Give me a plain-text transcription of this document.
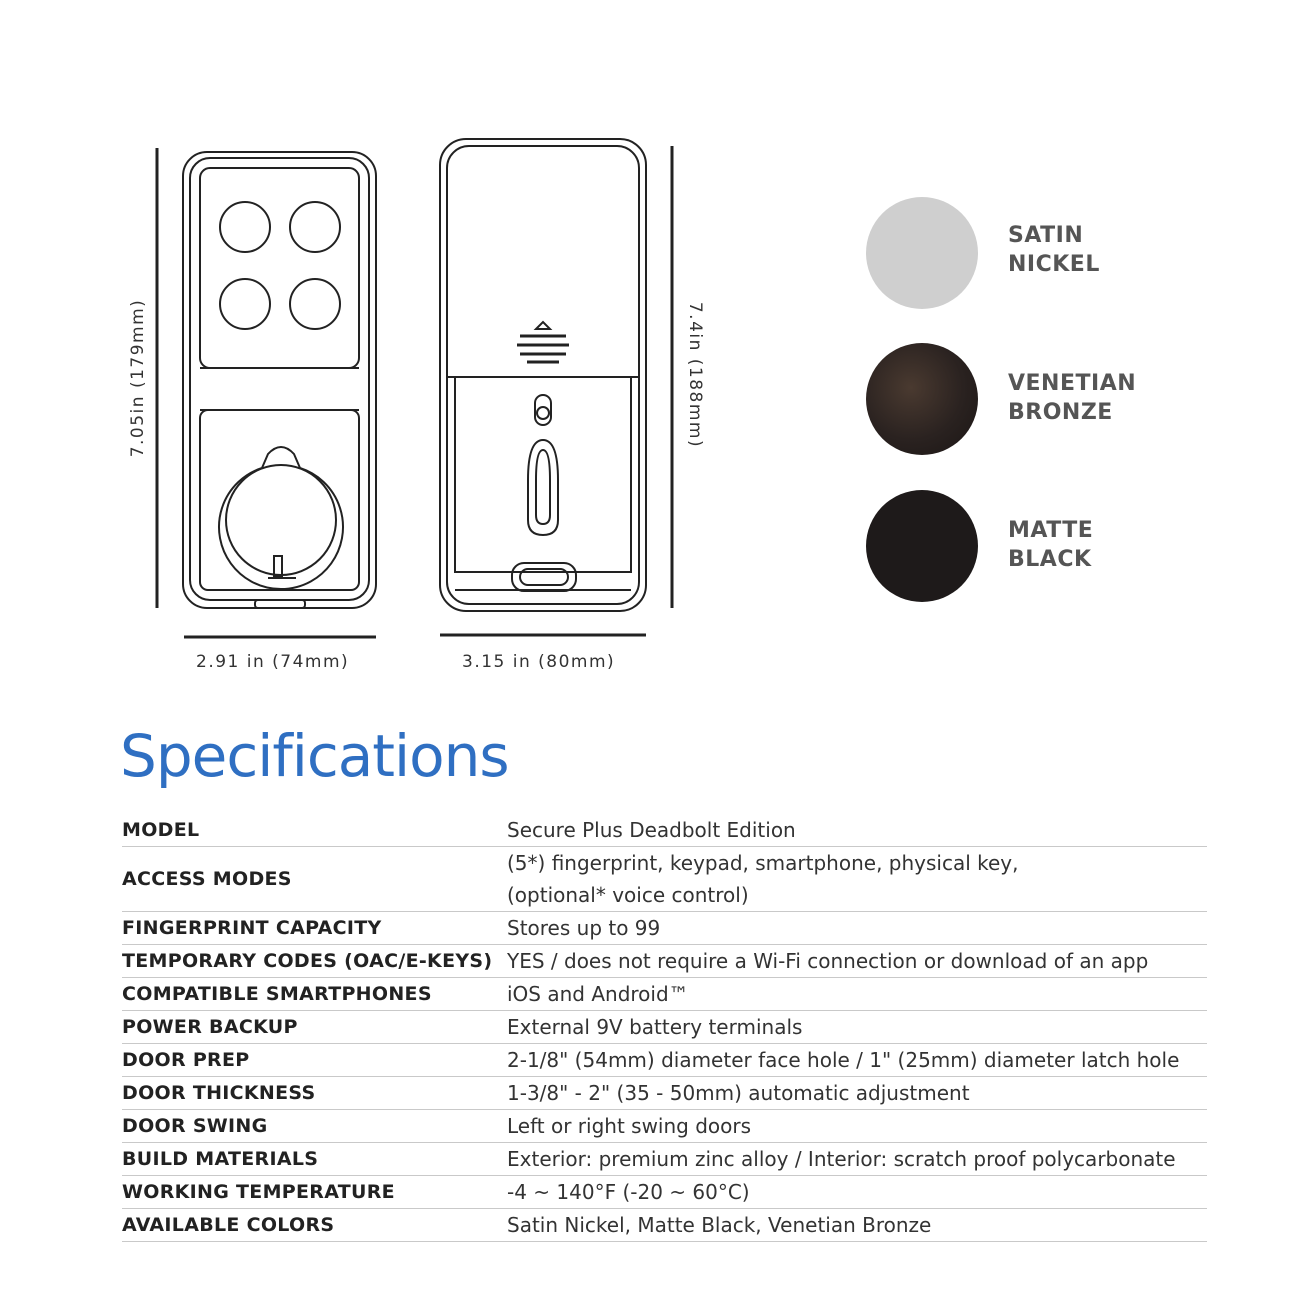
7.05in (179mm)
2.91 in (74mm)
7.4in (188mm)
3.15 in (80mm)
SATIN
NICKEL
VENETIAN
BRONZE
MATTE
BLACK
Specifications
MODEL	Secure Plus Deadbolt Edition
ACCESS MODES	(5*) fingerprint, keypad, smartphone, physical key,
(optional* voice control)
FINGERPRINT CAPACITY	Stores up to 99
TEMPORARY CODES (OAC/E-KEYS)	YES / does not require a Wi-Fi connection or download of an app
COMPATIBLE SMARTPHONES	iOS and Android™
POWER BACKUP	External 9V battery terminals
DOOR PREP	2-1/8" (54mm) diameter face hole / 1" (25mm) diameter latch hole
DOOR THICKNESS	1-3/8" - 2" (35 - 50mm) automatic adjustment
DOOR SWING	Left or right swing doors
BUILD MATERIALS	Exterior: premium zinc alloy / Interior: scratch proof polycarbonate
WORKING TEMPERATURE	-4 ~ 140°F (-20 ~ 60°C)
AVAILABLE COLORS	Satin Nickel, Matte Black, Venetian Bronze
